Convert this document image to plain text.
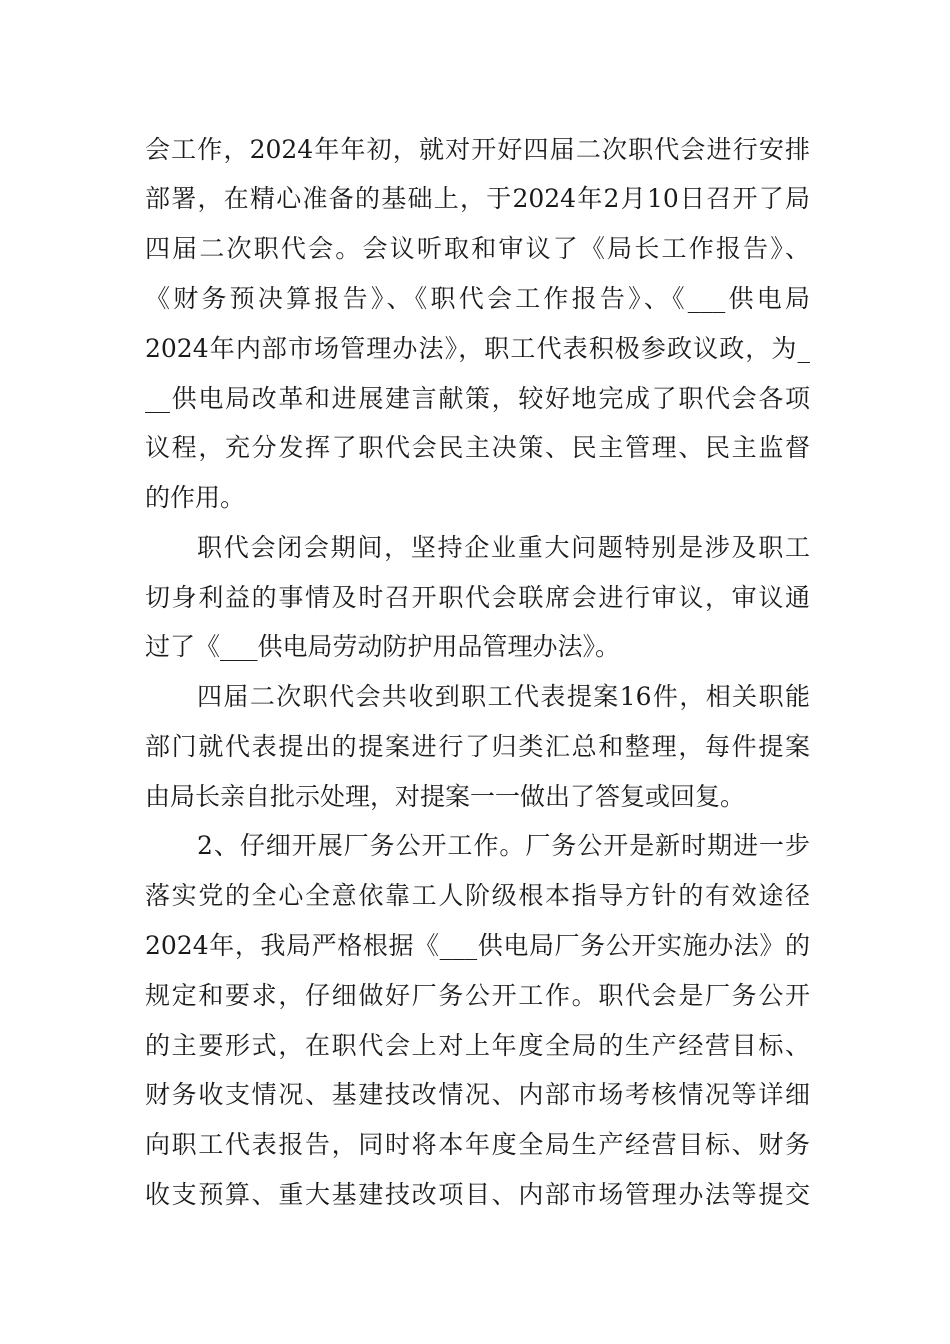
会工作，2024年年初，就对开好四届二次职代会进行安排
部署，在精心准备的基础上，于2024年2月10日召开了局
四届二次职代会。会议听取和审议了《局长工作报告》、
《财务预决算报告》、《职代会工作报告》、《___供电局
2024年内部市场管理办法》，职工代表积极参政议政，为_
__供电局改革和进展建言献策，较好地完成了职代会各项
议程，充分发挥了职代会民主决策、民主管理、民主监督
的作用。
职代会闭会期间，坚持企业重大问题特别是涉及职工
切身利益的事情及时召开职代会联席会进行审议，审议通
过了《___供电局劳动防护用品管理办法》。
四届二次职代会共收到职工代表提案16件，相关职能
部门就代表提出的提案进行了归类汇总和整理，每件提案
由局长亲自批示处理，对提案一一做出了答复或回复。
2、仔细开展厂务公开工作。厂务公开是新时期进一步
落实党的全心全意依靠工人阶级根本指导方针的有效途径
2024年，我局严格根据《___供电局厂务公开实施办法》的
规定和要求，仔细做好厂务公开工作。职代会是厂务公开
的主要形式，在职代会上对上年度全局的生产经营目标、
财务收支情况、基建技改情况、内部市场考核情况等详细
向职工代表报告，同时将本年度全局生产经营目标、财务
收支预算、重大基建技改项目、内部市场管理办法等提交
